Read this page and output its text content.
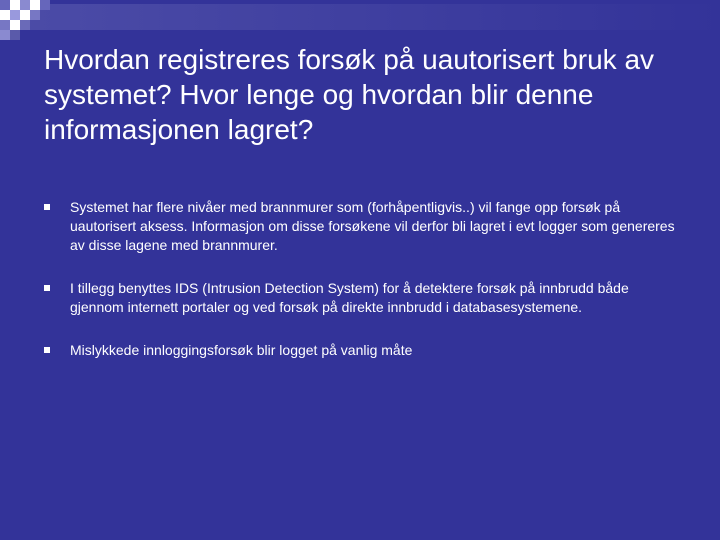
Hvordan registreres forsøk på uautorisert bruk av systemet? Hvor lenge og hvordan blir denne informasjonen lagret?
Systemet har flere nivåer med brannmurer som (forhåpentligvis..) vil fange opp forsøk på uautorisert aksess. Informasjon om disse forsøkene vil derfor bli lagret i evt logger som genereres av disse lagene med brannmurer.
I tillegg benyttes IDS (Intrusion Detection System) for å detektere forsøk på innbrudd både gjennom internett portaler og ved forsøk på direkte innbrudd i databasesystemene.
Mislykkede innloggingsforsøk blir logget på vanlig måte
